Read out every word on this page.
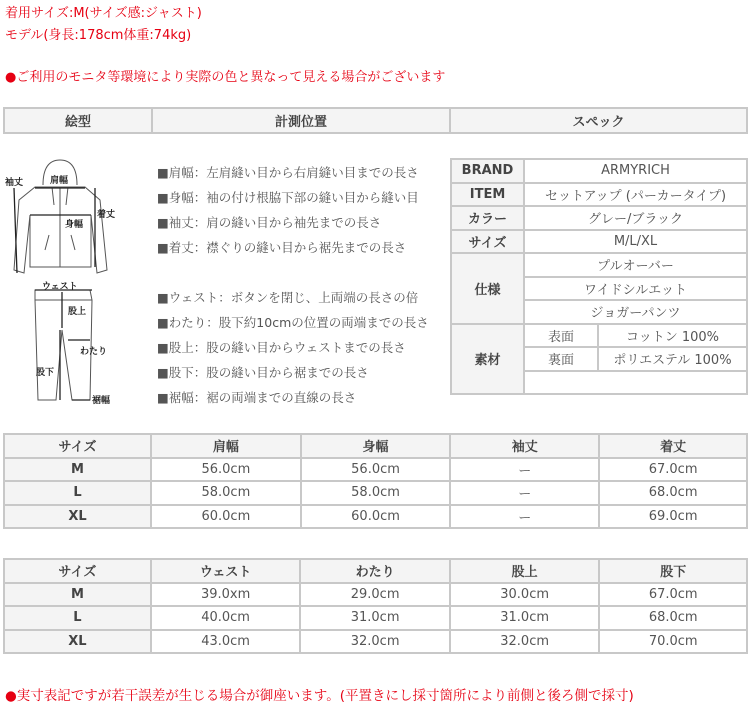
着用サイズ:M(サイズ感:ジャスト)
モデル(身長:178cm体重:74kg)
●ご利用のモニタ等環境により実際の色と異なって見える場合がございます
絵型	計測位置	スペック
肩幅
身幅
着丈
袖丈
ウェスト
股上
わたり
股下
裾幅
■肩幅：左肩縫い目から右肩縫い目までの長さ
■身幅：袖の付け根脇下部の縫い目から縫い目
■袖丈：肩の縫い目から袖先までの長さ
■着丈：襟ぐりの縫い目から裾先までの長さ
■ウェスト：ボタンを閉じ、上両端の長さの倍
■わたり：股下約10cmの位置の両端までの長さ
■股上：股の縫い目からウェストまでの長さ
■股下：股の縫い目から裾までの長さ
■裾幅：裾の両端までの直線の長さ
BRAND	ARMYRICH	
ITEM	セットアップ (パーカータイプ)	
カラー	グレー/ブラック	
サイズ	M/L/XL	
仕様	プルオーバー	
	ワイドシルエット	
	ジョガーパンツ	
素材	表面	コットン 100%
	裏面	ポリエステル 100%

サイズ	肩幅	身幅	袖丈	着丈
M	56.0cm	56.0cm	ー	67.0cm
L	58.0cm	58.0cm	ー	68.0cm
XL	60.0cm	60.0cm	ー	69.0cm
サイズ	ウェスト	わたり	股上	股下
M	39.0xm	29.0cm	30.0cm	67.0cm
L	40.0cm	31.0cm	31.0cm	68.0cm
XL	43.0cm	32.0cm	32.0cm	70.0cm
●実寸表記ですが若干誤差が生じる場合が御座います。(平置きにし採寸箇所により前側と後ろ側で採寸)
